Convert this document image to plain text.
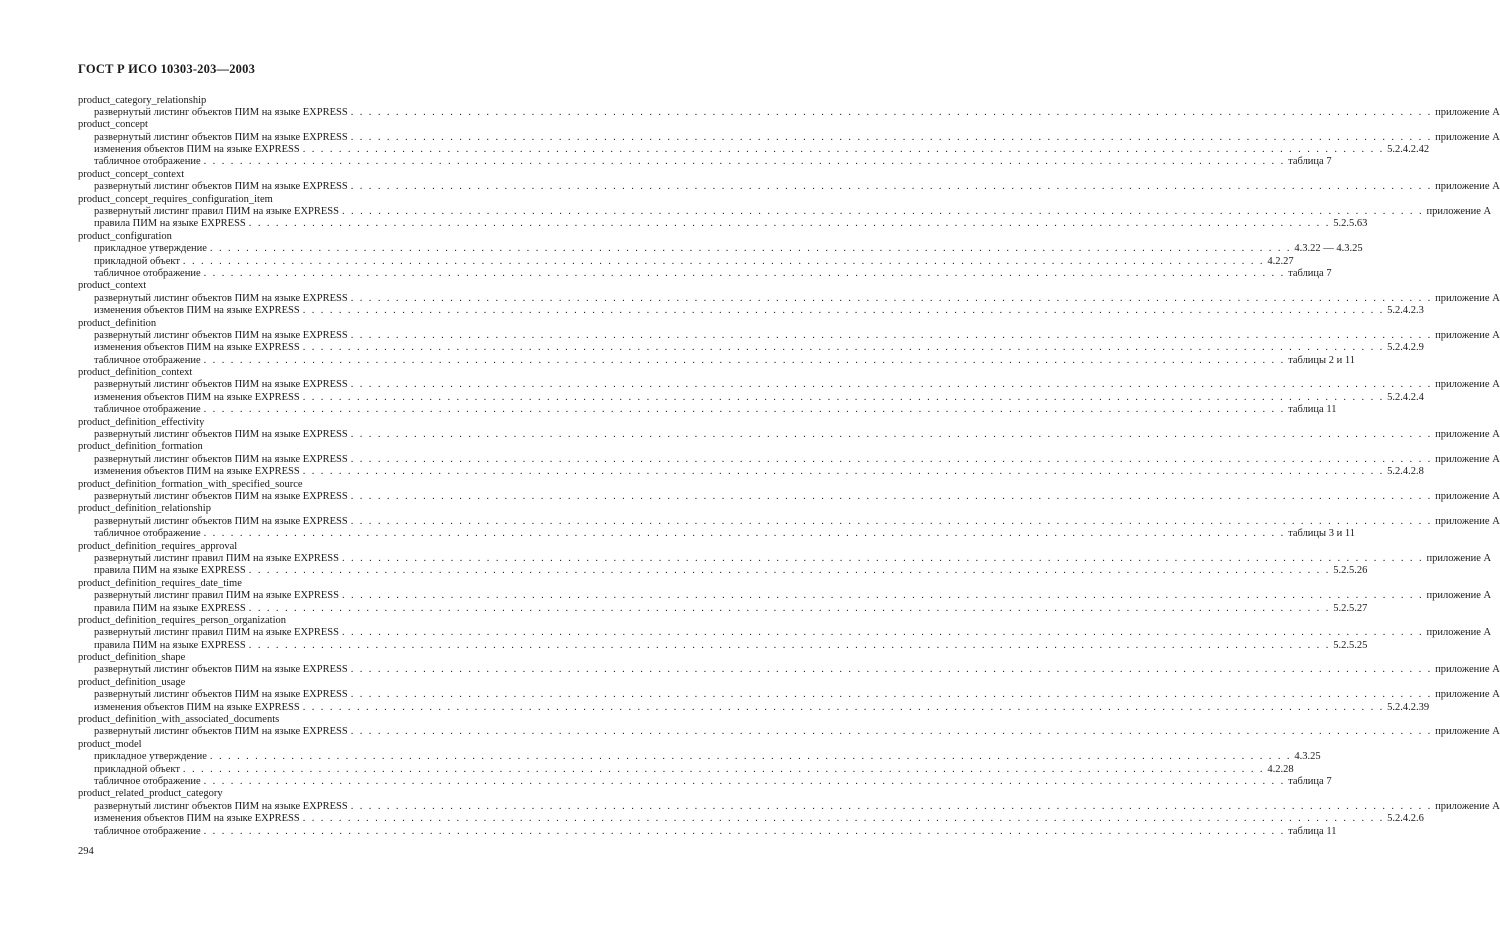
ГОСТ Р ИСО 10303-203—2003
product_category_relationship
развернутый листинг объектов ПИМ на языке EXPRESS . . . . . . . . . . . . . . . . . . . . . . . . . . . . . . . . . . . . . . . . . . . . . . . . . . . . . . . . . . . . . . . . . . . . . . . . . . . . . . . . . . . . . . . . . . . . . . . . . . . . . . . . . . . . . . . . . . . . . . . . приложение А
product_concept
развернутый листинг объектов ПИМ на языке EXPRESS . . . . . . . . . . . . . . . . . . . . . . . . . . . . . . . . . . . . . . . . . . . . . . . . . . . . . . . . . . . . . . . . . . . . . . . . . . . . . . . . . . . . . . . . . . . . . . . . . . . . . . . . . . . . . . . . . . . . . . . . приложение А
изменения объектов ПИМ на языке EXPRESS . . . . . . . . . . . . . . . . . . . . . . . . . . . . . . . . . . . . . . . . . . . . . . . . . . . . . . . . . . . . . . . . . . . . . . . . . . . . . . . . . . . . . . . . . . . . . . . . . . . . . . . . . . . . . . . . . . . . . . . . 5.2.4.2.42
табличное отображение . . . . . . . . . . . . . . . . . . . . . . . . . . . . . . . . . . . . . . . . . . . . . . . . . . . . . . . . . . . . . . . . . . . . . . . . . . . . . . . . . . . . . . . . . . . . . . . . . . . . . . . . . . . . . . . . . . . . . . . . таблица 7
product_concept_context
развернутый листинг объектов ПИМ на языке EXPRESS . . . . . . . . . . . . . . . . . . . . . . . . . . . . . . . . . . . . . . . . . . . . . . . . . . . . . . . . . . . . . . . . . . . . . . . . . . . . . . . . . . . . . . . . . . . . . . . . . . . . . . . . . . . . . . . . . . . . . . . . приложение А
product_concept_requires_configuration_item
развернутый листинг правил ПИМ на языке EXPRESS . . . . . . . . . . . . . . . . . . . . . . . . . . . . . . . . . . . . . . . . . . . . . . . . . . . . . . . . . . . . . . . . . . . . . . . . . . . . . . . . . . . . . . . . . . . . . . . . . . . . . . . . . . . . . . . . . . . . . . . . приложение А
правила ПИМ на языке EXPRESS . . . . . . . . . . . . . . . . . . . . . . . . . . . . . . . . . . . . . . . . . . . . . . . . . . . . . . . . . . . . . . . . . . . . . . . . . . . . . . . . . . . . . . . . . . . . . . . . . . . . . . . . . . . . . . . . . . . . . . . . 5.2.5.63
product_configuration
прикладное утверждение . . . . . . . . . . . . . . . . . . . . . . . . . . . . . . . . . . . . . . . . . . . . . . . . . . . . . . . . . . . . . . . . . . . . . . . . . . . . . . . . . . . . . . . . . . . . . . . . . . . . . . . . . . . . . . . . . . . . . . . . 4.3.22 — 4.3.25
прикладной объект . . . . . . . . . . . . . . . . . . . . . . . . . . . . . . . . . . . . . . . . . . . . . . . . . . . . . . . . . . . . . . . . . . . . . . . . . . . . . . . . . . . . . . . . . . . . . . . . . . . . . . . . . . . . . . . . . . . . . . . . 4.2.27
табличное отображение . . . . . . . . . . . . . . . . . . . . . . . . . . . . . . . . . . . . . . . . . . . . . . . . . . . . . . . . . . . . . . . . . . . . . . . . . . . . . . . . . . . . . . . . . . . . . . . . . . . . . . . . . . . . . . . . . . . . . . . . таблица 7
product_context
развернутый листинг объектов ПИМ на языке EXPRESS . . . . . . . . . . . . . . . . . . . . . . . . . . . . . . . . . . . . . . . . . . . . . . . . . . . . . . . . . . . . . . . . . . . . . . . . . . . . . . . . . . . . . . . . . . . . . . . . . . . . . . . . . . . . . . . . . . . . . . . . приложение А
изменения объектов ПИМ на языке EXPRESS . . . . . . . . . . . . . . . . . . . . . . . . . . . . . . . . . . . . . . . . . . . . . . . . . . . . . . . . . . . . . . . . . . . . . . . . . . . . . . . . . . . . . . . . . . . . . . . . . . . . . . . . . . . . . . . . . . . . . . . . 5.2.4.2.3
product_definition
развернутый листинг объектов ПИМ на языке EXPRESS . . . . . . . . . . . . . . . . . . . . . . . . . . . . . . . . . . . . . . . . . . . . . . . . . . . . . . . . . . . . . . . . . . . . . . . . . . . . . . . . . . . . . . . . . . . . . . . . . . . . . . . . . . . . . . . . . . . . . . . . приложение А
изменения объектов ПИМ на языке EXPRESS . . . . . . . . . . . . . . . . . . . . . . . . . . . . . . . . . . . . . . . . . . . . . . . . . . . . . . . . . . . . . . . . . . . . . . . . . . . . . . . . . . . . . . . . . . . . . . . . . . . . . . . . . . . . . . . . . . . . . . . . 5.2.4.2.9
табличное отображение . . . . . . . . . . . . . . . . . . . . . . . . . . . . . . . . . . . . . . . . . . . . . . . . . . . . . . . . . . . . . . . . . . . . . . . . . . . . . . . . . . . . . . . . . . . . . . . . . . . . . . . . . . . . . . . . . . . . . . . . таблицы 2 и 11
product_definition_context
развернутый листинг объектов ПИМ на языке EXPRESS . . . . . . . . . . . . . . . . . . . . . . . . . . . . . . . . . . . . . . . . . . . . . . . . . . . . . . . . . . . . . . . . . . . . . . . . . . . . . . . . . . . . . . . . . . . . . . . . . . . . . . . . . . . . . . . . . . . . . . . . приложение А
изменения объектов ПИМ на языке EXPRESS . . . . . . . . . . . . . . . . . . . . . . . . . . . . . . . . . . . . . . . . . . . . . . . . . . . . . . . . . . . . . . . . . . . . . . . . . . . . . . . . . . . . . . . . . . . . . . . . . . . . . . . . . . . . . . . . . . . . . . . . 5.2.4.2.4
табличное отображение . . . . . . . . . . . . . . . . . . . . . . . . . . . . . . . . . . . . . . . . . . . . . . . . . . . . . . . . . . . . . . . . . . . . . . . . . . . . . . . . . . . . . . . . . . . . . . . . . . . . . . . . . . . . . . . . . . . . . . . . таблица 11
product_definition_effectivity
развернутый листинг объектов ПИМ на языке EXPRESS . . . . . . . . . . . . . . . . . . . . . . . . . . . . . . . . . . . . . . . . . . . . . . . . . . . . . . . . . . . . . . . . . . . . . . . . . . . . . . . . . . . . . . . . . . . . . . . . . . . . . . . . . . . . . . . . . . . . . . . . приложение А
product_definition_formation
развернутый листинг объектов ПИМ на языке EXPRESS . . . . . . . . . . . . . . . . . . . . . . . . . . . . . . . . . . . . . . . . . . . . . . . . . . . . . . . . . . . . . . . . . . . . . . . . . . . . . . . . . . . . . . . . . . . . . . . . . . . . . . . . . . . . . . . . . . . . . . . . приложение А
изменения объектов ПИМ на языке EXPRESS . . . . . . . . . . . . . . . . . . . . . . . . . . . . . . . . . . . . . . . . . . . . . . . . . . . . . . . . . . . . . . . . . . . . . . . . . . . . . . . . . . . . . . . . . . . . . . . . . . . . . . . . . . . . . . . . . . . . . . . . 5.2.4.2.8
product_definition_formation_with_specified_source
развернутый листинг объектов ПИМ на языке EXPRESS . . . . . . . . . . . . . . . . . . . . . . . . . . . . . . . . . . . . . . . . . . . . . . . . . . . . . . . . . . . . . . . . . . . . . . . . . . . . . . . . . . . . . . . . . . . . . . . . . . . . . . . . . . . . . . . . . . . . . . . . приложение А
product_definition_relationship
развернутый листинг объектов ПИМ на языке EXPRESS . . . . . . . . . . . . . . . . . . . . . . . . . . . . . . . . . . . . . . . . . . . . . . . . . . . . . . . . . . . . . . . . . . . . . . . . . . . . . . . . . . . . . . . . . . . . . . . . . . . . . . . . . . . . . . . . . . . . . . . . приложение А
табличное отображение . . . . . . . . . . . . . . . . . . . . . . . . . . . . . . . . . . . . . . . . . . . . . . . . . . . . . . . . . . . . . . . . . . . . . . . . . . . . . . . . . . . . . . . . . . . . . . . . . . . . . . . . . . . . . . . . . . . . . . . . таблицы 3 и 11
product_definition_requires_approval
развернутый листинг правил ПИМ на языке EXPRESS . . . . . . . . . . . . . . . . . . . . . . . . . . . . . . . . . . . . . . . . . . . . . . . . . . . . . . . . . . . . . . . . . . . . . . . . . . . . . . . . . . . . . . . . . . . . . . . . . . . . . . . . . . . . . . . . . . . . . . . . приложение А
правила ПИМ на языке EXPRESS . . . . . . . . . . . . . . . . . . . . . . . . . . . . . . . . . . . . . . . . . . . . . . . . . . . . . . . . . . . . . . . . . . . . . . . . . . . . . . . . . . . . . . . . . . . . . . . . . . . . . . . . . . . . . . . . . . . . . . . . 5.2.5.26
product_definition_requires_date_time
развернутый листинг правил ПИМ на языке EXPRESS . . . . . . . . . . . . . . . . . . . . . . . . . . . . . . . . . . . . . . . . . . . . . . . . . . . . . . . . . . . . . . . . . . . . . . . . . . . . . . . . . . . . . . . . . . . . . . . . . . . . . . . . . . . . . . . . . . . . . . . . приложение А
правила ПИМ на языке EXPRESS . . . . . . . . . . . . . . . . . . . . . . . . . . . . . . . . . . . . . . . . . . . . . . . . . . . . . . . . . . . . . . . . . . . . . . . . . . . . . . . . . . . . . . . . . . . . . . . . . . . . . . . . . . . . . . . . . . . . . . . . 5.2.5.27
product_definition_requires_person_organization
развернутый листинг правил ПИМ на языке EXPRESS . . . . . . . . . . . . . . . . . . . . . . . . . . . . . . . . . . . . . . . . . . . . . . . . . . . . . . . . . . . . . . . . . . . . . . . . . . . . . . . . . . . . . . . . . . . . . . . . . . . . . . . . . . . . . . . . . . . . . . . . приложение А
правила ПИМ на языке EXPRESS . . . . . . . . . . . . . . . . . . . . . . . . . . . . . . . . . . . . . . . . . . . . . . . . . . . . . . . . . . . . . . . . . . . . . . . . . . . . . . . . . . . . . . . . . . . . . . . . . . . . . . . . . . . . . . . . . . . . . . . . 5.2.5.25
product_definition_shape
развернутый листинг объектов ПИМ на языке EXPRESS . . . . . . . . . . . . . . . . . . . . . . . . . . . . . . . . . . . . . . . . . . . . . . . . . . . . . . . . . . . . . . . . . . . . . . . . . . . . . . . . . . . . . . . . . . . . . . . . . . . . . . . . . . . . . . . . . . . . . . . . приложение А
product_definition_usage
развернутый листинг объектов ПИМ на языке EXPRESS . . . . . . . . . . . . . . . . . . . . . . . . . . . . . . . . . . . . . . . . . . . . . . . . . . . . . . . . . . . . . . . . . . . . . . . . . . . . . . . . . . . . . . . . . . . . . . . . . . . . . . . . . . . . . . . . . . . . . . . . приложение А
изменения объектов ПИМ на языке EXPRESS . . . . . . . . . . . . . . . . . . . . . . . . . . . . . . . . . . . . . . . . . . . . . . . . . . . . . . . . . . . . . . . . . . . . . . . . . . . . . . . . . . . . . . . . . . . . . . . . . . . . . . . . . . . . . . . . . . . . . . . . 5.2.4.2.39
product_definition_with_associated_documents
развернутый листинг объектов ПИМ на языке EXPRESS . . . . . . . . . . . . . . . . . . . . . . . . . . . . . . . . . . . . . . . . . . . . . . . . . . . . . . . . . . . . . . . . . . . . . . . . . . . . . . . . . . . . . . . . . . . . . . . . . . . . . . . . . . . . . . . . . . . . . . . . приложение А
product_model
прикладное утверждение . . . . . . . . . . . . . . . . . . . . . . . . . . . . . . . . . . . . . . . . . . . . . . . . . . . . . . . . . . . . . . . . . . . . . . . . . . . . . . . . . . . . . . . . . . . . . . . . . . . . . . . . . . . . . . . . . . . . . . . . 4.3.25
прикладной объект . . . . . . . . . . . . . . . . . . . . . . . . . . . . . . . . . . . . . . . . . . . . . . . . . . . . . . . . . . . . . . . . . . . . . . . . . . . . . . . . . . . . . . . . . . . . . . . . . . . . . . . . . . . . . . . . . . . . . . . . 4.2.28
табличное отображение . . . . . . . . . . . . . . . . . . . . . . . . . . . . . . . . . . . . . . . . . . . . . . . . . . . . . . . . . . . . . . . . . . . . . . . . . . . . . . . . . . . . . . . . . . . . . . . . . . . . . . . . . . . . . . . . . . . . . . . . таблица 7
product_related_product_category
развернутый листинг объектов ПИМ на языке EXPRESS . . . . . . . . . . . . . . . . . . . . . . . . . . . . . . . . . . . . . . . . . . . . . . . . . . . . . . . . . . . . . . . . . . . . . . . . . . . . . . . . . . . . . . . . . . . . . . . . . . . . . . . . . . . . . . . . . . . . . . . . приложение А
изменения объектов ПИМ на языке EXPRESS . . . . . . . . . . . . . . . . . . . . . . . . . . . . . . . . . . . . . . . . . . . . . . . . . . . . . . . . . . . . . . . . . . . . . . . . . . . . . . . . . . . . . . . . . . . . . . . . . . . . . . . . . . . . . . . . . . . . . . . . 5.2.4.2.6
табличное отображение . . . . . . . . . . . . . . . . . . . . . . . . . . . . . . . . . . . . . . . . . . . . . . . . . . . . . . . . . . . . . . . . . . . . . . . . . . . . . . . . . . . . . . . . . . . . . . . . . . . . . . . . . . . . . . . . . . . . . . . . таблица 11
294
